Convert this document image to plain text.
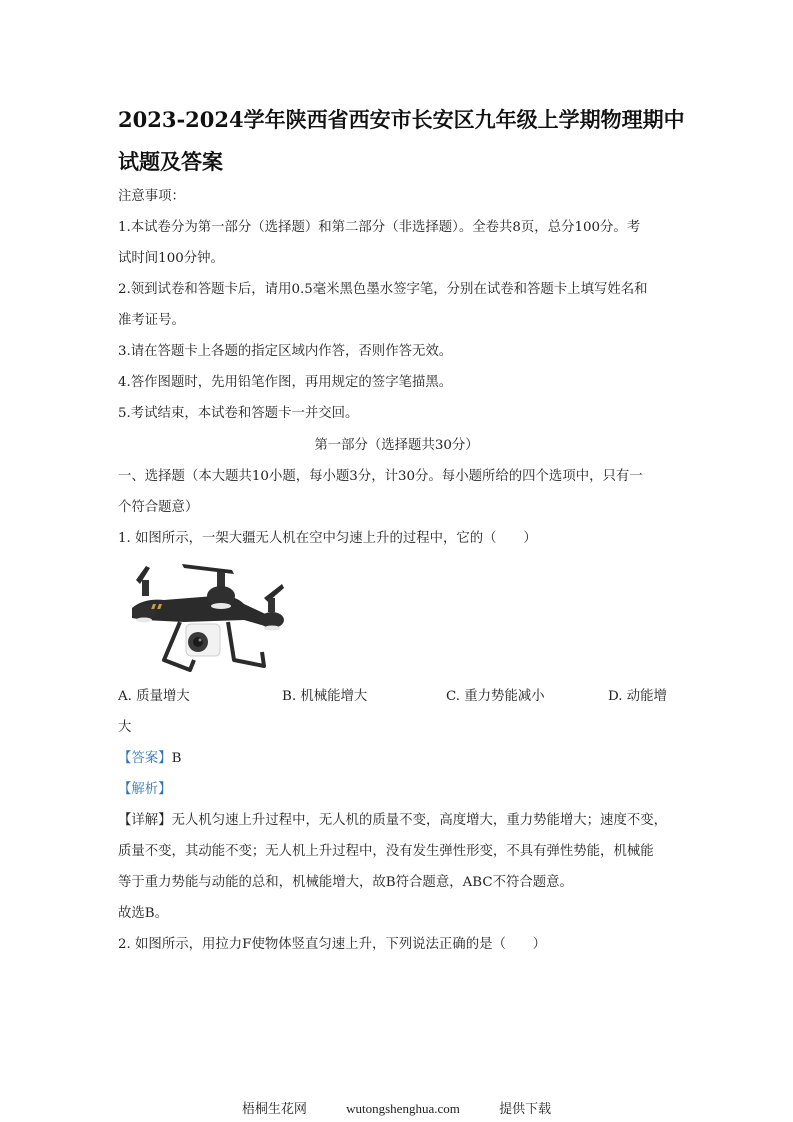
2023-2024学年陕西省西安市长安区九年级上学期物理期中
试题及答案
注意事项：
1.本试卷分为第一部分（选择题）和第二部分（非选择题）。全卷共8页，总分100分。考
试时间100分钟。
2.领到试卷和答题卡后，请用0.5毫米黑色墨水签字笔，分别在试卷和答题卡上填写姓名和
准考证号。
3.请在答题卡上各题的指定区域内作答，否则作答无效。
4.答作图题时，先用铅笔作图，再用规定的签字笔描黑。
5.考试结束，本试卷和答题卡一并交回。
第一部分（选择题共30分）
一、选择题（本大题共10小题，每小题3分，计30分。每小题所给的四个选项中，只有一
个符合题意）
1. 如图所示，一架大疆无人机在空中匀速上升的过程中，它的（　　）
A. 质量增大	B. 机械能增大	C. 重力势能减小	D. 动能增
大
【答案】B
【解析】
【详解】无人机匀速上升过程中，无人机的质量不变，高度增大，重力势能增大；速度不变，
质量不变，其动能不变；无人机上升过程中，没有发生弹性形变，不具有弹性势能，机械能
等于重力势能与动能的总和，机械能增大，故B符合题意，ABC不符合题意。
故选B。
2. 如图所示，用拉力F使物体竖直匀速上升，下列说法正确的是（　　）
梧桐生花网	wutongshenghua.com	提供下载
